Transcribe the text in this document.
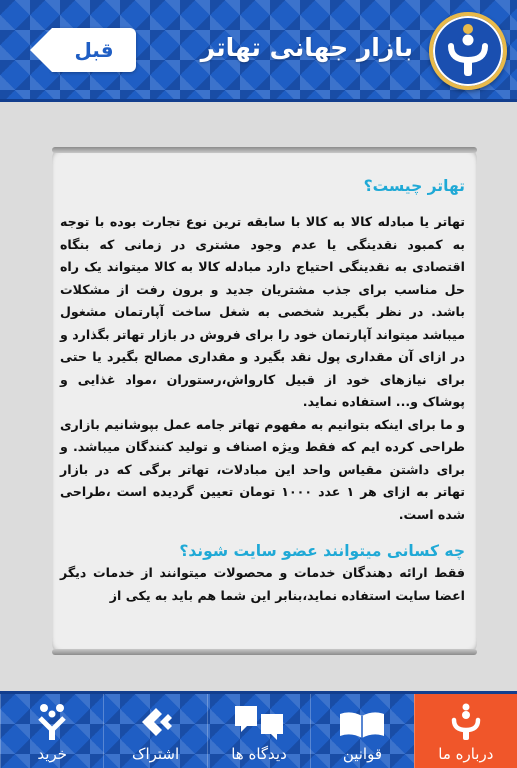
بازار جهانی تهاتر
قبل
تهاتر چیست؟

تهاتر یا مبادله کالا به کالا با سابقه ترین نوع تجارت بوده با توجه به کمبود نقدینگی یا عدم وجود مشتری در زمانی که بنگاه اقتصادی به نقدینگی احتیاج دارد مبادله کالا به کالا میتواند یک راه حل مناسب برای جذب مشتریان جدید و برون رفت از مشکلات باشد. در نظر بگیرید شخصی به شغل ساخت آپارتمان مشغول میباشد میتواند آپارتمان خود را برای فروش در بازار تهاتر بگذارد و در ازای آن مقداری پول نقد بگیرد و مقداری مصالح بگیرد یا حتی برای نیازهای خود از قبیل کارواش،رستوران ،مواد غذایی و پوشاک و... استفاده نماید.

و ما برای اینکه بتوانیم به مفهوم تهاتر جامه عمل بپوشانیم بازاری طراحی کرده ایم که فقط ویژه اصناف و تولید کنندگان میباشد. و برای داشتن مقیاس واحد این مبادلات، تهاتر برگی که در بازار تهاتر به ازای هر ۱ عدد ۱۰۰۰ تومان تعیین گردیده است ،طراحی شده است.

چه کسانی میتوانند عضو سایت شوند؟

فقط ارائه دهندگان خدمات و محصولات میتوانند از خدمات دیگر اعضا سایت استفاده نماید،بنابر این شما هم باید به یکی از

خرید	اشتراک	دیدگاه ها	قوانین	درباره ما
